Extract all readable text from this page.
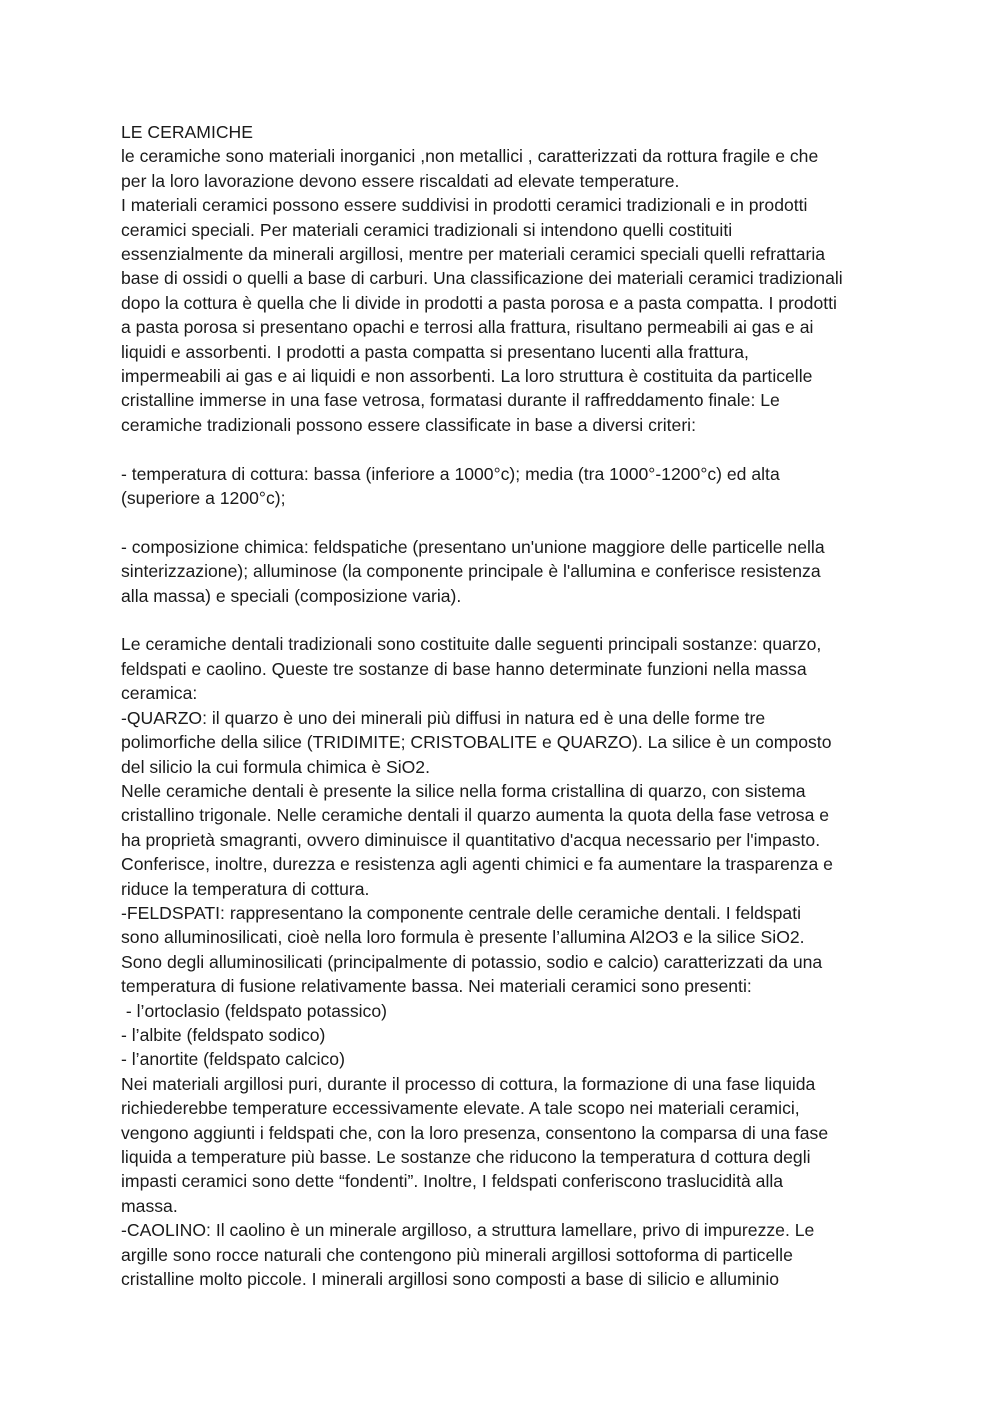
LE CERAMICHE
le ceramiche sono materiali inorganici ,non metallici , caratterizzati da rottura fragile e che
per la loro lavorazione devono essere riscaldati ad elevate temperature.
I materiali ceramici possono essere suddivisi in prodotti ceramici tradizionali e in prodotti
ceramici speciali. Per materiali ceramici tradizionali si intendono quelli costituiti
essenzialmente da minerali argillosi, mentre per materiali ceramici speciali quelli refrattaria
base di ossidi o quelli a base di carburi. Una classificazione dei materiali ceramici tradizionali
dopo la cottura è quella che li divide in prodotti a pasta porosa e a pasta compatta. I prodotti
a pasta porosa si presentano opachi e terrosi alla frattura, risultano permeabili ai gas e ai
liquidi e assorbenti. I prodotti a pasta compatta si presentano lucenti alla frattura,
impermeabili ai gas e ai liquidi e non assorbenti. La loro struttura è costituita da particelle
cristalline immerse in una fase vetrosa, formatasi durante il raffreddamento finale: Le
ceramiche tradizionali possono essere classificate in base a diversi criteri:
- temperatura di cottura: bassa (inferiore a 1000°c); media (tra 1000°-1200°c) ed alta
(superiore a 1200°c);
- composizione chimica: feldspatiche (presentano un'unione maggiore delle particelle nella
sinterizzazione); alluminose (la componente principale è l'allumina e conferisce resistenza
alla massa) e speciali (composizione varia).
Le ceramiche dentali tradizionali sono costituite dalle seguenti principali sostanze: quarzo,
feldspati e caolino. Queste tre sostanze di base hanno determinate funzioni nella massa
ceramica:
-QUARZO: il quarzo è uno dei minerali più diffusi in natura ed è una delle forme tre
polimorfiche della silice (TRIDIMITE; CRISTOBALITE e QUARZO). La silice è un composto
del silicio la cui formula chimica è SiO2.
Nelle ceramiche dentali è presente la silice nella forma cristallina di quarzo, con sistema
cristallino trigonale. Nelle ceramiche dentali il quarzo aumenta la quota della fase vetrosa e
ha proprietà smagranti, ovvero diminuisce il quantitativo d'acqua necessario per l'impasto.
Conferisce, inoltre, durezza e resistenza agli agenti chimici e fa aumentare la trasparenza e
riduce la temperatura di cottura.
-FELDSPATI: rappresentano la componente centrale delle ceramiche dentali. I feldspati
sono alluminosilicati, cioè nella loro formula è presente l’allumina Al2O3 e la silice SiO2.
Sono degli alluminosilicati (principalmente di potassio, sodio e calcio) caratterizzati da una
temperatura di fusione relativamente bassa. Nei materiali ceramici sono presenti:
- l’ortoclasio (feldspato potassico)
- l’albite (feldspato sodico)
- l’anortite (feldspato calcico)
Nei materiali argillosi puri, durante il processo di cottura, la formazione di una fase liquida
richiederebbe temperature eccessivamente elevate. A tale scopo nei materiali ceramici,
vengono aggiunti i feldspati che, con la loro presenza, consentono la comparsa di una fase
liquida a temperature più basse. Le sostanze che riducono la temperatura d cottura degli
impasti ceramici sono dette “fondenti”. Inoltre, I feldspati conferiscono traslucidità alla
massa.
-CAOLINO: Il caolino è un minerale argilloso, a struttura lamellare, privo di impurezze. Le
argille sono rocce naturali che contengono più minerali argillosi sottoforma di particelle
cristalline molto piccole. I minerali argillosi sono composti a base di silicio e alluminio
